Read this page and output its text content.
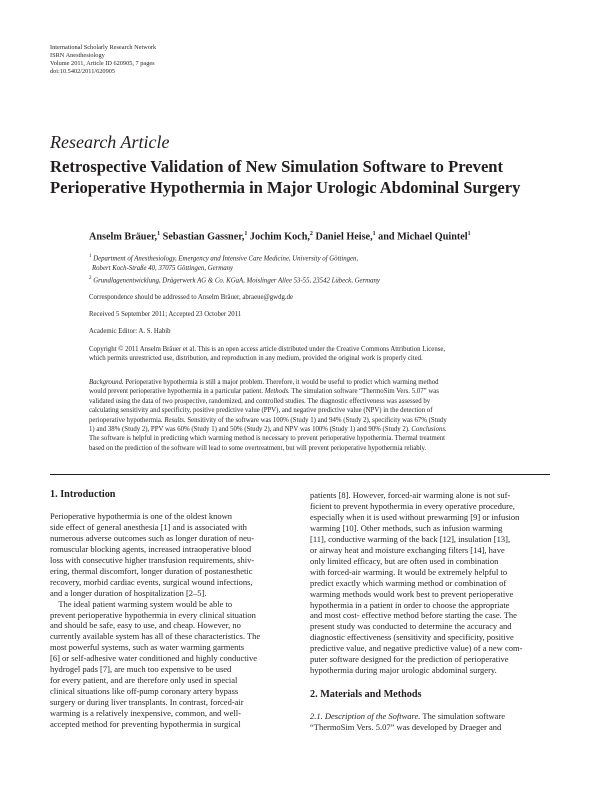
International Scholarly Research Network
ISRN Anesthesiology
Volume 2011, Article ID 620905, 7 pages
doi:10.5402/2011/620905
Research Article
Retrospective Validation of New Simulation Software to Prevent
Perioperative Hypothermia in Major Urologic Abdominal Surgery
Anselm Bräuer,$^1$ Sebastian Gassner,$^1$ Jochim Koch,$^2$ Daniel Heise,$^1$ and Michael Quintel$^1$
$^1$ Department of Anesthesiology, Emergency and Intensive Care Medicine, University of Göttingen,
Robert Koch-Straße 40, 37075 Göttingen, Germany
$^2$ Grundlagenentwicklung, Drägerwerk AG & Co. KGaA, Moislinger Allee 53-55, 23542 Lübeck, Germany
Correspondence should be addressed to Anselm Bräuer, abraeue@gwdg.de
Received 5 September 2011; Accepted 23 October 2011
Academic Editor: A. S. Habib
Copyright © 2011 Anselm Bräuer et al. This is an open access article distributed under the Creative Commons Attribution License,
which permits unrestricted use, distribution, and reproduction in any medium, provided the original work is properly cited.
Background. Perioperative hypothermia is still a major problem. Therefore, it would be useful to predict which warming method
would prevent perioperative hypothermia in a particular patient. Methods. The simulation software “ThermoSim Vers. 5.07” was
validated using the data of two prospective, randomized, and controlled studies. The diagnostic effectiveness was assessed by
calculating sensitivity and specificity, positive predictive value (PPV), and negative predictive value (NPV) in the detection of
perioperative hypothermia. Results. Sensitivity of the software was 100% (Study 1) and 94% (Study 2), specificity was 67% (Study
1) and 38% (Study 2), PPV was 60% (Study 1) and 50% (Study 2), and NPV was 100% (Study 1) and 90% (Study 2). Conclusions.
The software is helpful in predicting which warming method is necessary to prevent perioperative hypothermia. Thermal treatment
based on the prediction of the software will lead to some overtreatment, but will prevent perioperative hypothermia reliably.
1. Introduction
Perioperative hypothermia is one of the oldest known
side effect of general anesthesia [1] and is associated with
numerous adverse outcomes such as longer duration of neu-
romuscular blocking agents, increased intraoperative blood
loss with consecutive higher transfusion requirements, shiv-
ering, thermal discomfort, longer duration of postanesthetic
recovery, morbid cardiac events, surgical wound infections,
and a longer duration of hospitalization [2–5].
The ideal patient warming system would be able to
prevent perioperative hypothermia in every clinical situation
and should be safe, easy to use, and cheap. However, no
currently available system has all of these characteristics. The
most powerful systems, such as water warming garments
[6] or self-adhesive water conditioned and highly conductive
hydrogel pads [7], are much too expensive to be used
for every patient, and are therefore only used in special
clinical situations like off-pump coronary artery bypass
surgery or during liver transplants. In contrast, forced-air
warming is a relatively inexpensive, common, and well-
accepted method for preventing hypothermia in surgical
patients [8]. However, forced-air warming alone is not suf-
ficient to prevent hypothermia in every operative procedure,
especially when it is used without prewarming [9] or infusion
warming [10]. Other methods, such as infusion warming
[11], conductive warming of the back [12], insulation [13],
or airway heat and moisture exchanging filters [14], have
only limited efficacy, but are often used in combination
with forced-air warming. It would be extremely helpful to
predict exactly which warming method or combination of
warming methods would work best to prevent perioperative
hypothermia in a patient in order to choose the appropriate
and most cost- effective method before starting the case. The
present study was conducted to determine the accuracy and
diagnostic effectiveness (sensitivity and specificity, positive
predictive value, and negative predictive value) of a new com-
puter software designed for the prediction of perioperative
hypothermia during major urologic abdominal surgery.
2. Materials and Methods
2.1. Description of the Software. The simulation software
“ThermoSim Vers. 5.07” was developed by Draeger and
